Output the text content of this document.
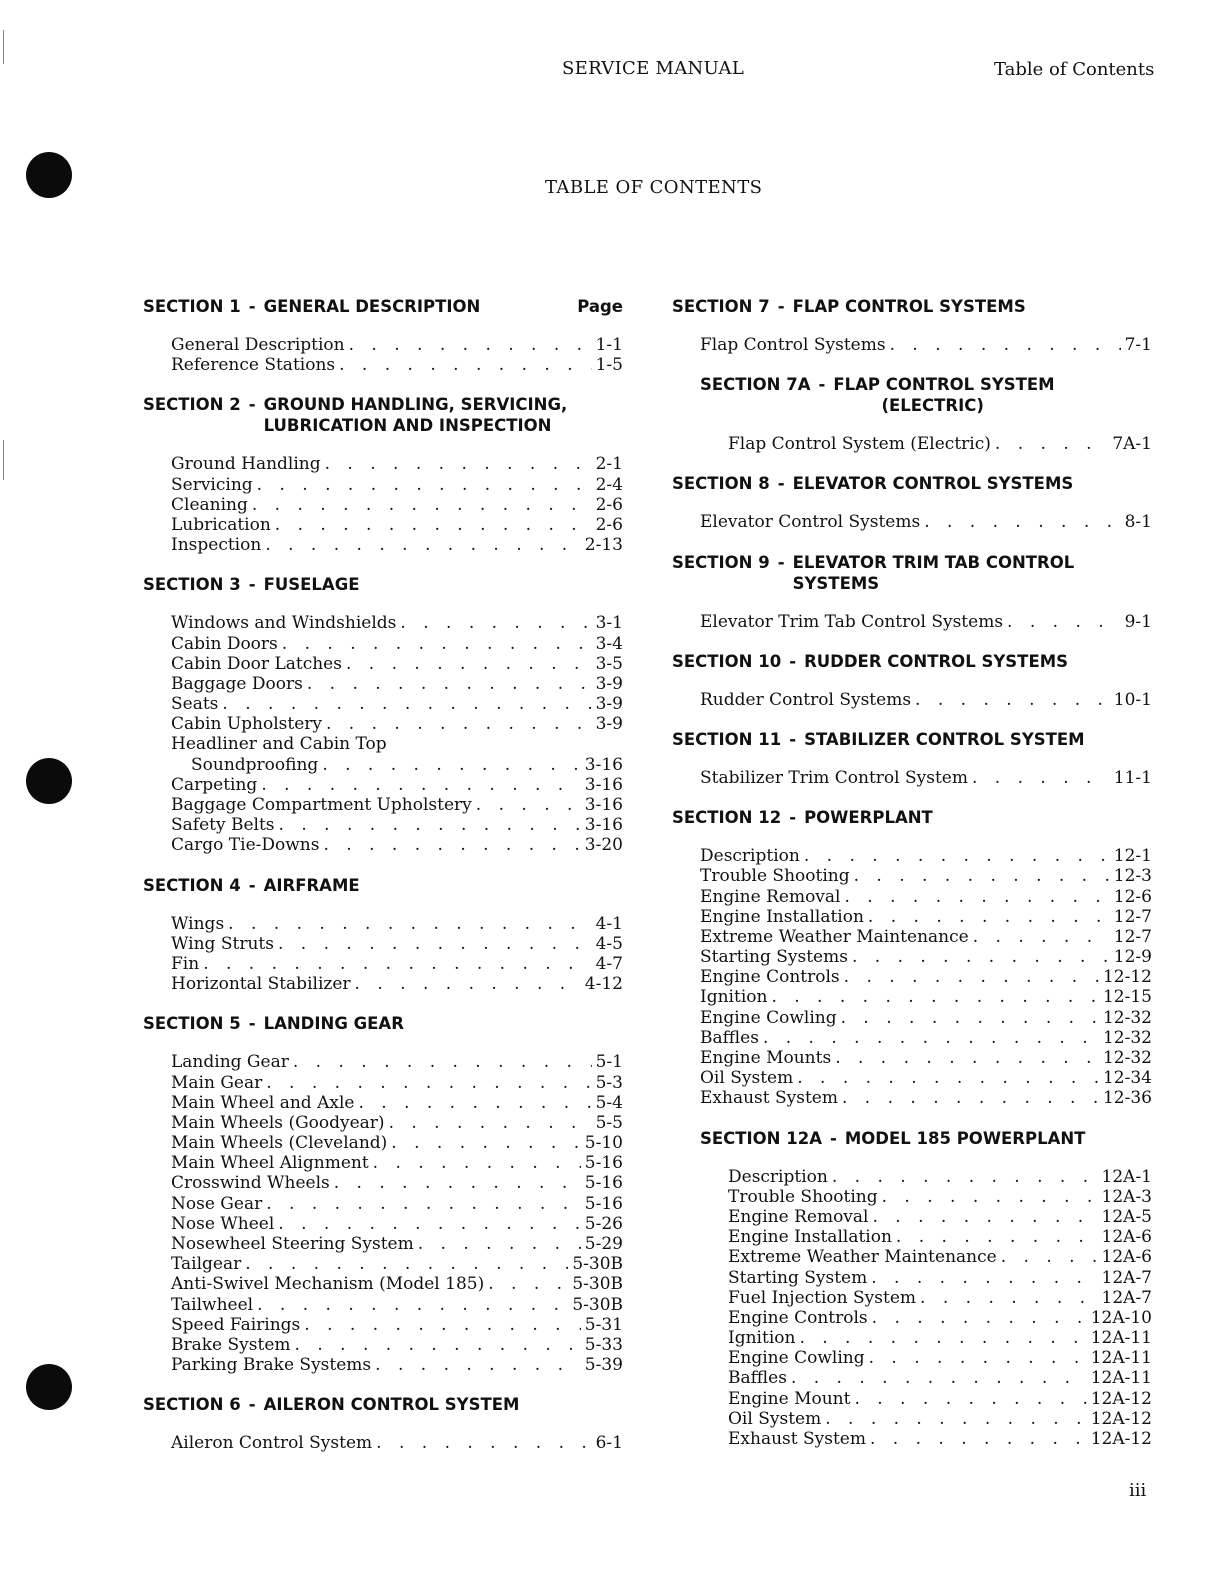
SERVICE MANUAL	Table of Contents
TABLE OF CONTENTS
SECTION 1 - GENERAL DESCRIPTION	Page
General Description . . .	1-1
Reference Stations . . .	1-5
SECTION 2 - GROUND HANDLING, SERVICING,
LUBRICATION AND INSPECTION
Ground Handling . . .	2-1
Servicing . . .	2-4
Cleaning . . .	2-6
Lubrication . . .	2-6
Inspection . . .	2-13
SECTION 3 - FUSELAGE
Windows and Windshields . . .	3-1
Cabin Doors . . .	3-4
Cabin Door Latches . . .	3-5
Baggage Doors . . .	3-9
Seats . . .	3-9
Cabin Upholstery . . .	3-9
Headliner and Cabin Top
Soundproofing . . .	3-16
Carpeting . . .	3-16
Baggage Compartment Upholstery . . .	3-16
Safety Belts . . .	3-16
Cargo Tie-Downs . . .	3-20
SECTION 4 - AIRFRAME
Wings . . .	4-1
Wing Struts . . .	4-5
Fin . . .	4-7
Horizontal Stabilizer . . .	4-12
SECTION 5 - LANDING GEAR
Landing Gear . . .	5-1
Main Gear . . .	5-3
Main Wheel and Axle . . .	5-4
Main Wheels (Goodyear) . . .	5-5
Main Wheels (Cleveland) . . .	5-10
Main Wheel Alignment . . .	5-16
Crosswind Wheels . . .	5-16
Nose Gear . . .	5-16
Nose Wheel . . .	5-26
Nosewheel Steering System . . .	5-29
Tailgear . . .	5-30B
Anti-Swivel Mechanism (Model 185) . . .	5-30B
Tailwheel . . .	5-30B
Speed Fairings . . .	5-31
Brake System . . .	5-33
Parking Brake Systems . . .	5-39
SECTION 6 - AILERON CONTROL SYSTEM
Aileron Control System . . .	6-1
SECTION 7 - FLAP CONTROL SYSTEMS
Flap Control Systems . . .	7-1
SECTION 7A - FLAP CONTROL SYSTEM
(ELECTRIC)
Flap Control System (Electric) . . .	7A-1
SECTION 8 - ELEVATOR CONTROL SYSTEMS
Elevator Control Systems . . .	8-1
SECTION 9 - ELEVATOR TRIM TAB CONTROL
SYSTEMS
Elevator Trim Tab Control Systems . . .	9-1
SECTION 10 - RUDDER CONTROL SYSTEMS
Rudder Control Systems . . .	10-1
SECTION 11 - STABILIZER CONTROL SYSTEM
Stabilizer Trim Control System . . .	11-1
SECTION 12 - POWERPLANT
Description . . .	12-1
Trouble Shooting . . .	12-3
Engine Removal . . .	12-6
Engine Installation . . .	12-7
Extreme Weather Maintenance . . .	12-7
Starting Systems . . .	12-9
Engine Controls . . .	12-12
Ignition . . .	12-15
Engine Cowling . . .	12-32
Baffles . . .	12-32
Engine Mounts . . .	12-32
Oil System . . .	12-34
Exhaust System . . .	12-36
SECTION 12A - MODEL 185 POWERPLANT
Description . . .	12A-1
Trouble Shooting . . .	12A-3
Engine Removal . . .	12A-5
Engine Installation . . .	12A-6
Extreme Weather Maintenance . . .	12A-6
Starting System . . .	12A-7
Fuel Injection System . . .	12A-7
Engine Controls . . .	12A-10
Ignition . . .	12A-11
Engine Cowling . . .	12A-11
Baffles . . .	12A-11
Engine Mount . . .	12A-12
Oil System . . .	12A-12
Exhaust System . . .	12A-12
iii
